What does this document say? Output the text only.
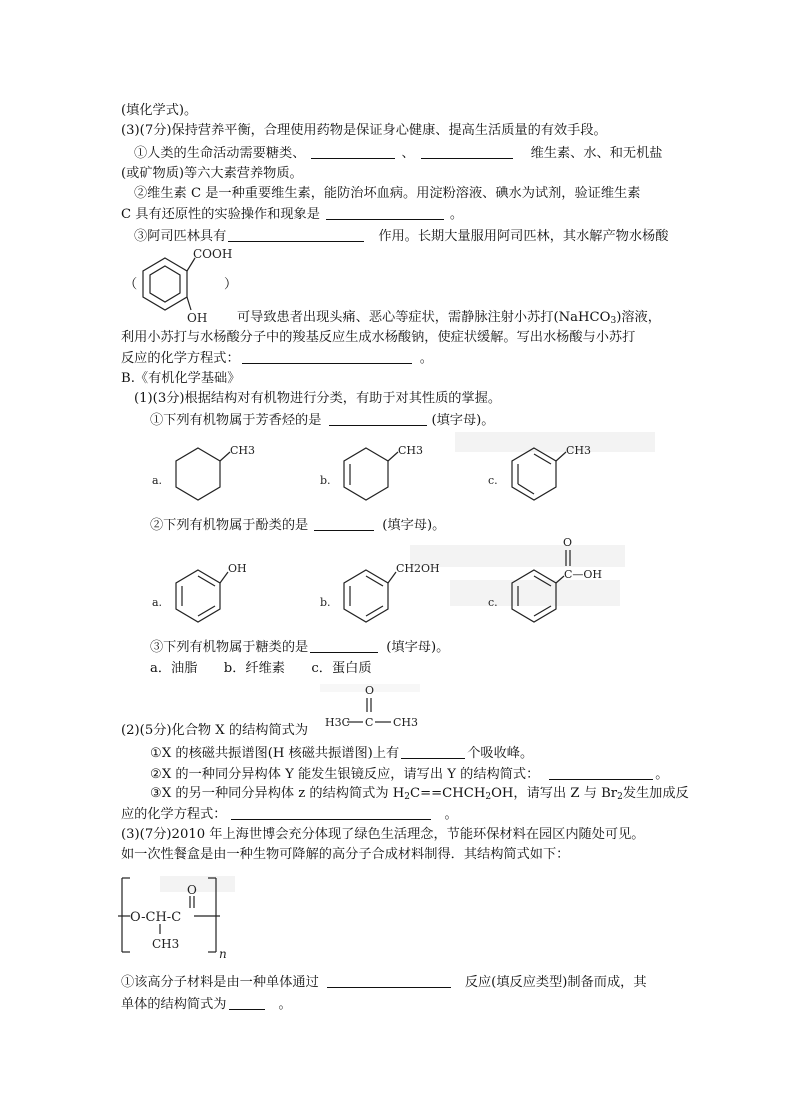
(填化学式)。
(3)(7分)保持营养平衡，合理使用药物是保证身心健康、提高生活质量的有效手段。
①人类的生命活动需要糖类、	、	维生素、水、和无机盐
(或矿物质)等六大素营养物质。
②维生素 C 是一种重要维生素，能防治坏血病。用淀粉溶液、碘水为试剂，验证维生素
C 具有还原性的实验操作和现象是	。
③阿司匹林具有	作用。长期大量服用阿司匹林，其水解产物水杨酸
（	）
COOH
OH 可导致患者出现头痛、恶心等症状，需静脉注射小苏打(NaHCO$_3$)溶液，
利用小苏打与水杨酸分子中的羧基反应生成水杨酸钠，使症状缓解。写出水杨酸与小苏打
反应的化学方程式：	。
B.《有机化学基础》
(1)(3分)根据结构对有机物进行分类，有助于对其性质的掌握。
①下列有机物属于芳香烃的是	(填字母)。
a.
CH3
b.
CH3
c.
CH3
②下列有机物属于酚类的是	(填字母)。
a.
OH
b.
CH2OH
c.
C—OH
O
③下列有机物属于糖类的是	(填字母)。
a．油脂　　b．纤维素　　c．蛋白质
O
H3C C CH3
(2)(5分)化合物 X 的结构简式为
①X 的核磁共振谱图(H 核磁共振谱图)上有	个吸收峰。
②X 的一种同分异构体 Y 能发生银镜反应，请写出 Y 的结构简式：	。
③X 的另一种同分异构体 z 的结构简式为 $H_2C==CHCH_2OH$，请写出 Z 与 $Br_2$发生加成反
应的化学方程式：	。
(3)(7分)2010 年上海世博会充分体现了绿色生活理念，节能环保材料在园区内随处可见。
如一次性餐盒是由一种生物可降解的高分子合成材料制得．其结构简式如下：
O-CH-C
O
CH3
n
①该高分子材料是由一种单体通过	反应(填反应类型)制备而成，其
单体的结构简式为	。
